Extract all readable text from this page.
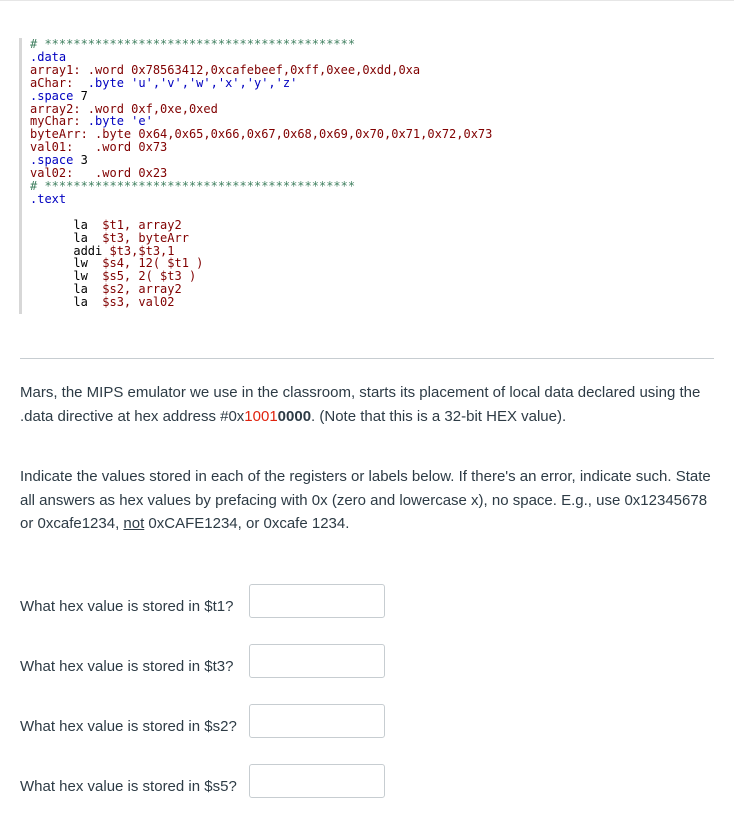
# *******************************************
.data
array1: .word 0x78563412,0xcafebeef,0xff,0xee,0xdd,0xa
aChar:  .byte 'u','v','w','x','y','z'
.space 7
array2: .word 0xf,0xe,0xed
myChar: .byte 'e'
byteArr: .byte 0x64,0x65,0x66,0x67,0x68,0x69,0x70,0x71,0x72,0x73
val01:   .word 0x73
.space 3
val02:   .word 0x23
# *******************************************
.text

la  $t1, array2
la  $t3, byteArr
addi $t3,$t3,1
lw  $s4, 12( $t1 )
lw  $s5, 2( $t3 )
la  $s2, array2
la  $s3, val02

Mars, the MIPS emulator we use in the classroom, starts its placement of local data declared using the .data directive at hex address #0x10010000. (Note that this is a 32-bit HEX value).

Indicate the values stored in each of the registers or labels below. If there's an error, indicate such. State all answers as hex values by prefacing with 0x (zero and lowercase x), no space. E.g., use 0x12345678 or 0xcafe1234, not 0xCAFE1234, or 0xcafe 1234.

What hex value is stored in $t1?
What hex value is stored in $t3?
What hex value is stored in $s2?
What hex value is stored in $s5?
